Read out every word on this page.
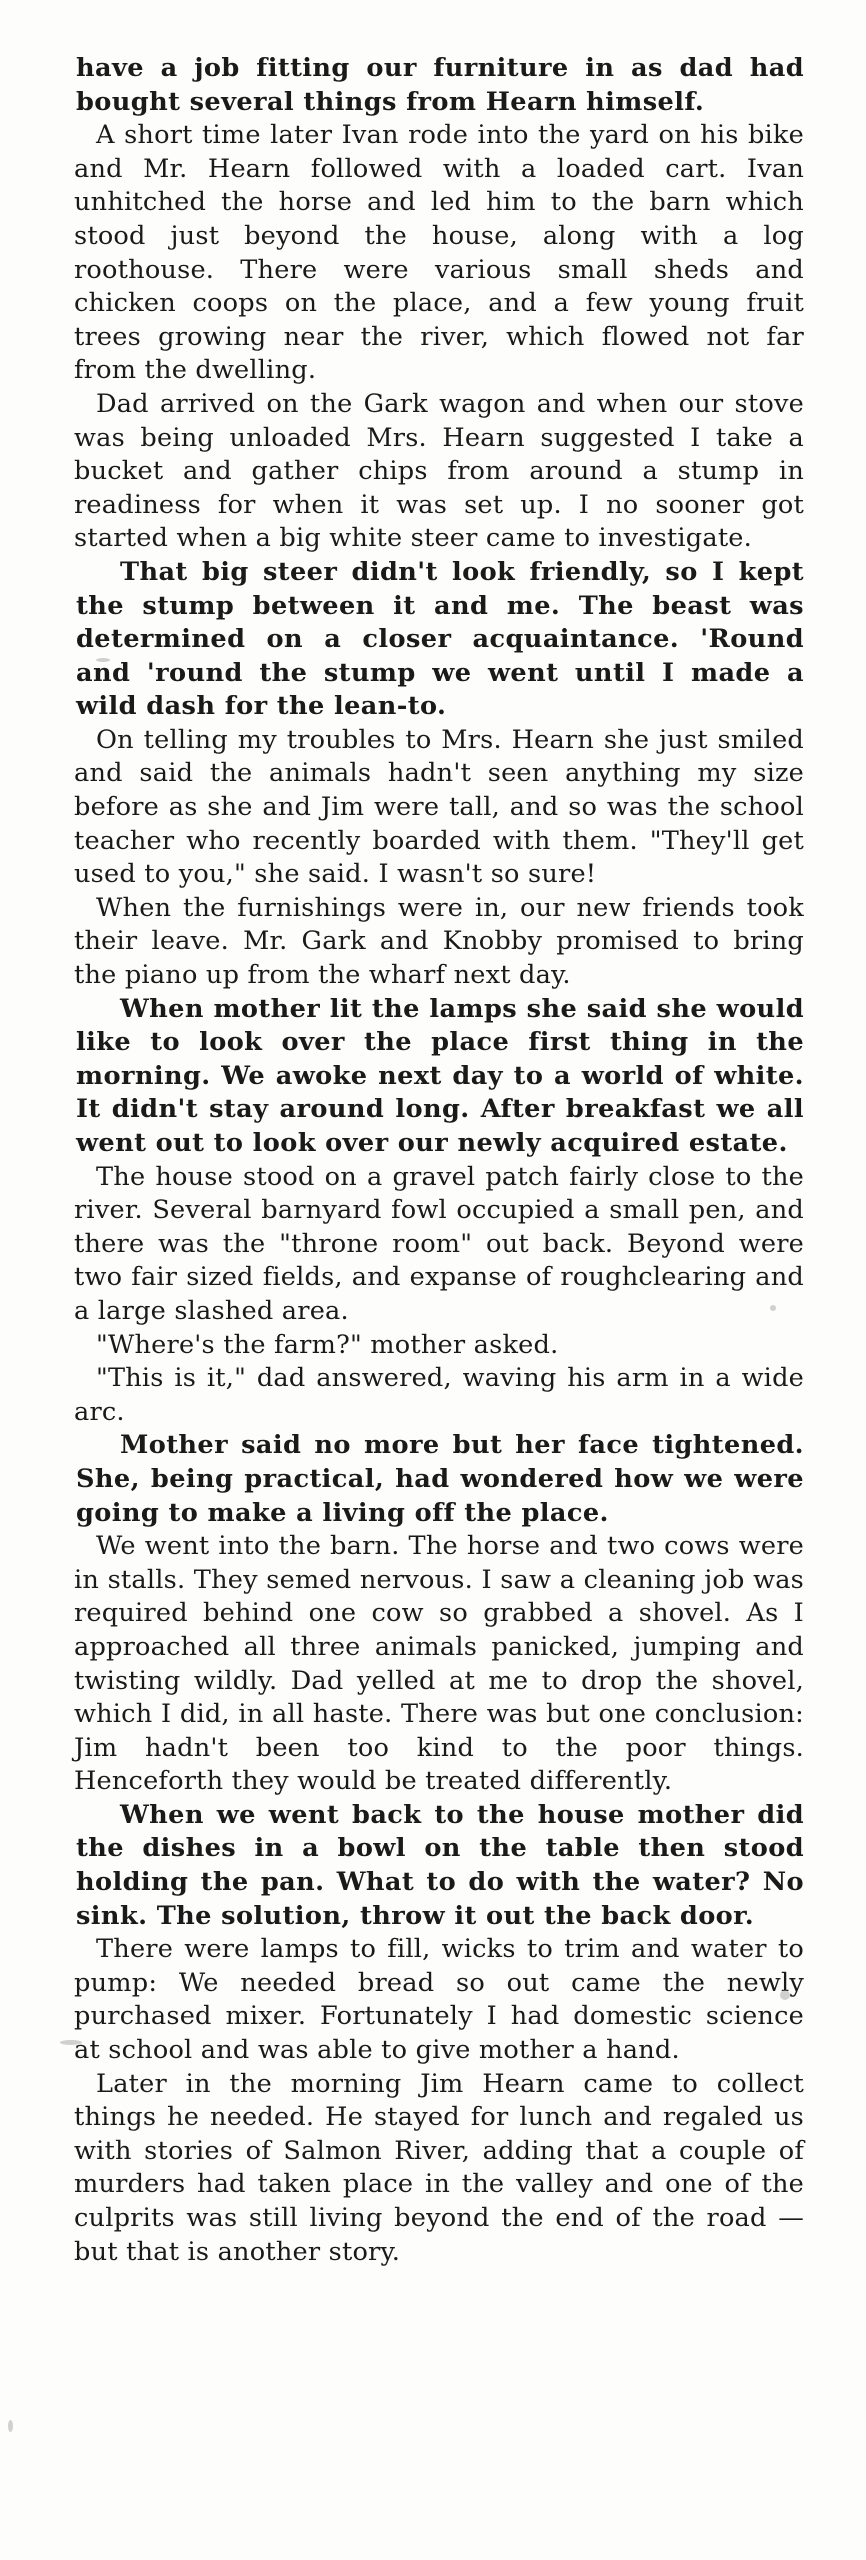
have a job fitting our furniture in as dad had bought several things from Hearn himself.

A short time later Ivan rode into the yard on his bike and Mr. Hearn followed with a loaded cart. Ivan unhitched the horse and led him to the barn which stood just beyond the house, along with a log roothouse. There were various small sheds and chicken coops on the place, and a few young fruit trees growing near the river, which flowed not far from the dwelling.

Dad arrived on the Gark wagon and when our stove was being unloaded Mrs. Hearn suggested I take a bucket and gather chips from around a stump in readiness for when it was set up. I no sooner got started when a big white steer came to investigate.

That big steer didn't look friendly, so I kept the stump between it and me. The beast was determined on a closer acquaintance. 'Round and 'round the stump we went until I made a wild dash for the lean-to.

On telling my troubles to Mrs. Hearn she just smiled and said the animals hadn't seen anything my size before as she and Jim were tall, and so was the school teacher who recently boarded with them. "They'll get used to you," she said. I wasn't so sure!

When the furnishings were in, our new friends took their leave. Mr. Gark and Knobby promised to bring the piano up from the wharf next day.

When mother lit the lamps she said she would like to look over the place first thing in the morning. We awoke next day to a world of white. It didn't stay around long. After breakfast we all went out to look over our newly acquired estate.

The house stood on a gravel patch fairly close to the river. Several barnyard fowl occupied a small pen, and there was the "throne room" out back. Beyond were two fair sized fields, and expanse of roughclearing and a large slashed area.

"Where's the farm?" mother asked.

"This is it," dad answered, waving his arm in a wide arc.

Mother said no more but her face tightened. She, being practical, had wondered how we were going to make a living off the place.

We went into the barn. The horse and two cows were in stalls. They semed nervous. I saw a cleaning job was required behind one cow so grabbed a shovel. As I approached all three animals panicked, jumping and twisting wildly. Dad yelled at me to drop the shovel, which I did, in all haste. There was but one conclusion: Jim hadn't been too kind to the poor things. Henceforth they would be treated differently.

When we went back to the house mother did the dishes in a bowl on the table then stood holding the pan. What to do with the water? No sink. The solution, throw it out the back door.

There were lamps to fill, wicks to trim and water to pump: We needed bread so out came the newly purchased mixer. Fortunately I had domestic science at school and was able to give mother a hand.

Later in the morning Jim Hearn came to collect things he needed. He stayed for lunch and regaled us with stories of Salmon River, adding that a couple of murders had taken place in the valley and one of the culprits was still living beyond the end of the road — but that is another story.
